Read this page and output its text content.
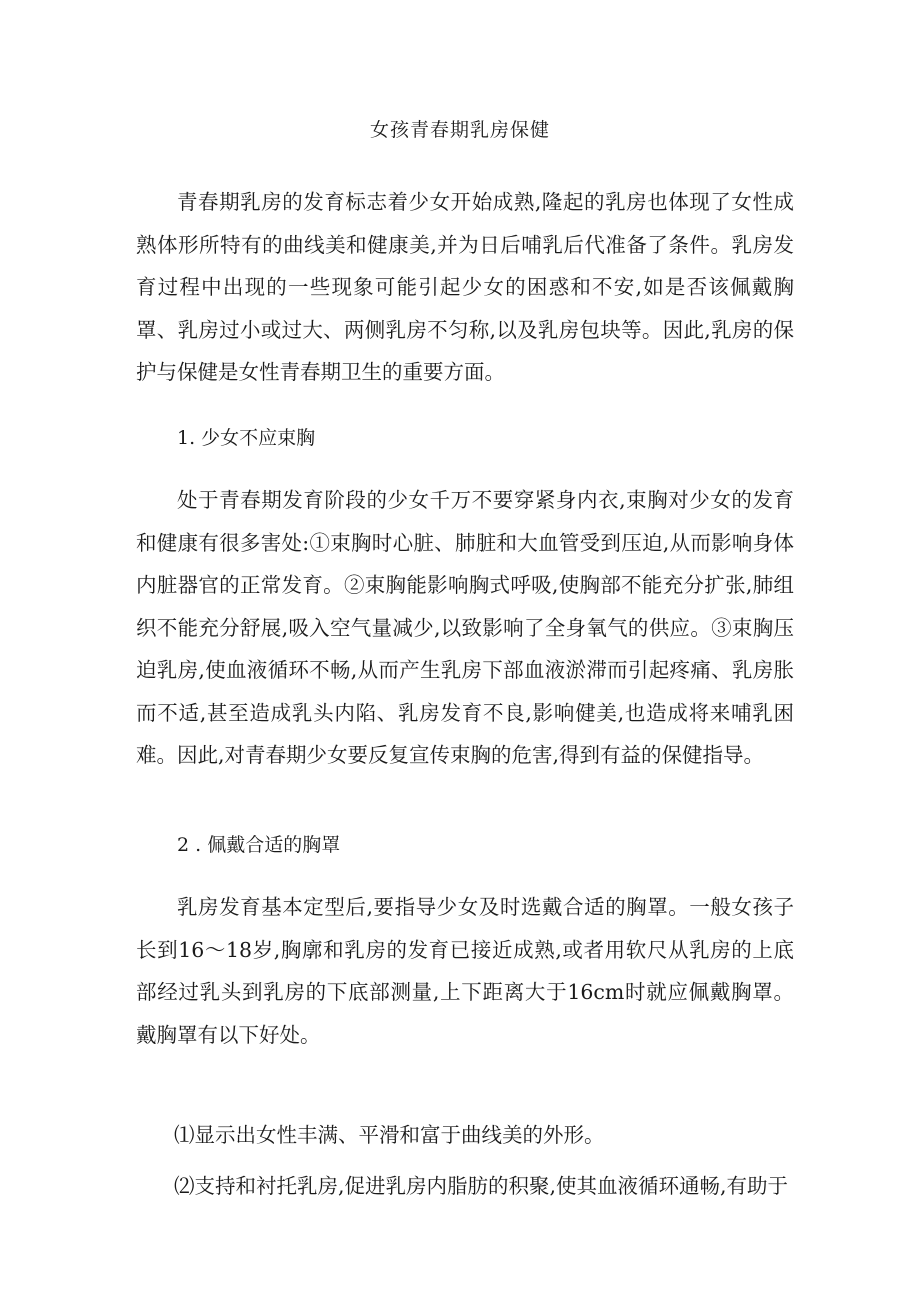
女孩青春期乳房保健

青春期乳房的发育标志着少女开始成熟,隆起的乳房也体现了女性成熟体形所特有的曲线美和健康美,并为日后哺乳后代准备了条件。乳房发育过程中出现的一些现象可能引起少女的困惑和不安,如是否该佩戴胸罩、乳房过小或过大、两侧乳房不匀称,以及乳房包块等。因此,乳房的保护与保健是女性青春期卫生的重要方面。

1. 少女不应束胸

处于青春期发育阶段的少女千万不要穿紧身内衣,束胸对少女的发育和健康有很多害处:①束胸时心脏、肺脏和大血管受到压迫,从而影响身体内脏器官的正常发育。②束胸能影响胸式呼吸,使胸部不能充分扩张,肺组织不能充分舒展,吸入空气量减少,以致影响了全身氧气的供应。③束胸压迫乳房,使血液循环不畅,从而产生乳房下部血液淤滞而引起疼痛、乳房胀而不适,甚至造成乳头内陷、乳房发育不良,影响健美,也造成将来哺乳困难。因此,对青春期少女要反复宣传束胸的危害,得到有益的保健指导。

2 . 佩戴合适的胸罩

乳房发育基本定型后,要指导少女及时选戴合适的胸罩。一般女孩子长到16～18岁,胸廓和乳房的发育已接近成熟,或者用软尺从乳房的上底部经过乳头到乳房的下底部测量,上下距离大于16cm时就应佩戴胸罩。戴胸罩有以下好处。

⑴显示出女性丰满、平滑和富于曲线美的外形。

⑵支持和衬托乳房,促进乳房内脂肪的积聚,使其血液循环通畅,有助于
